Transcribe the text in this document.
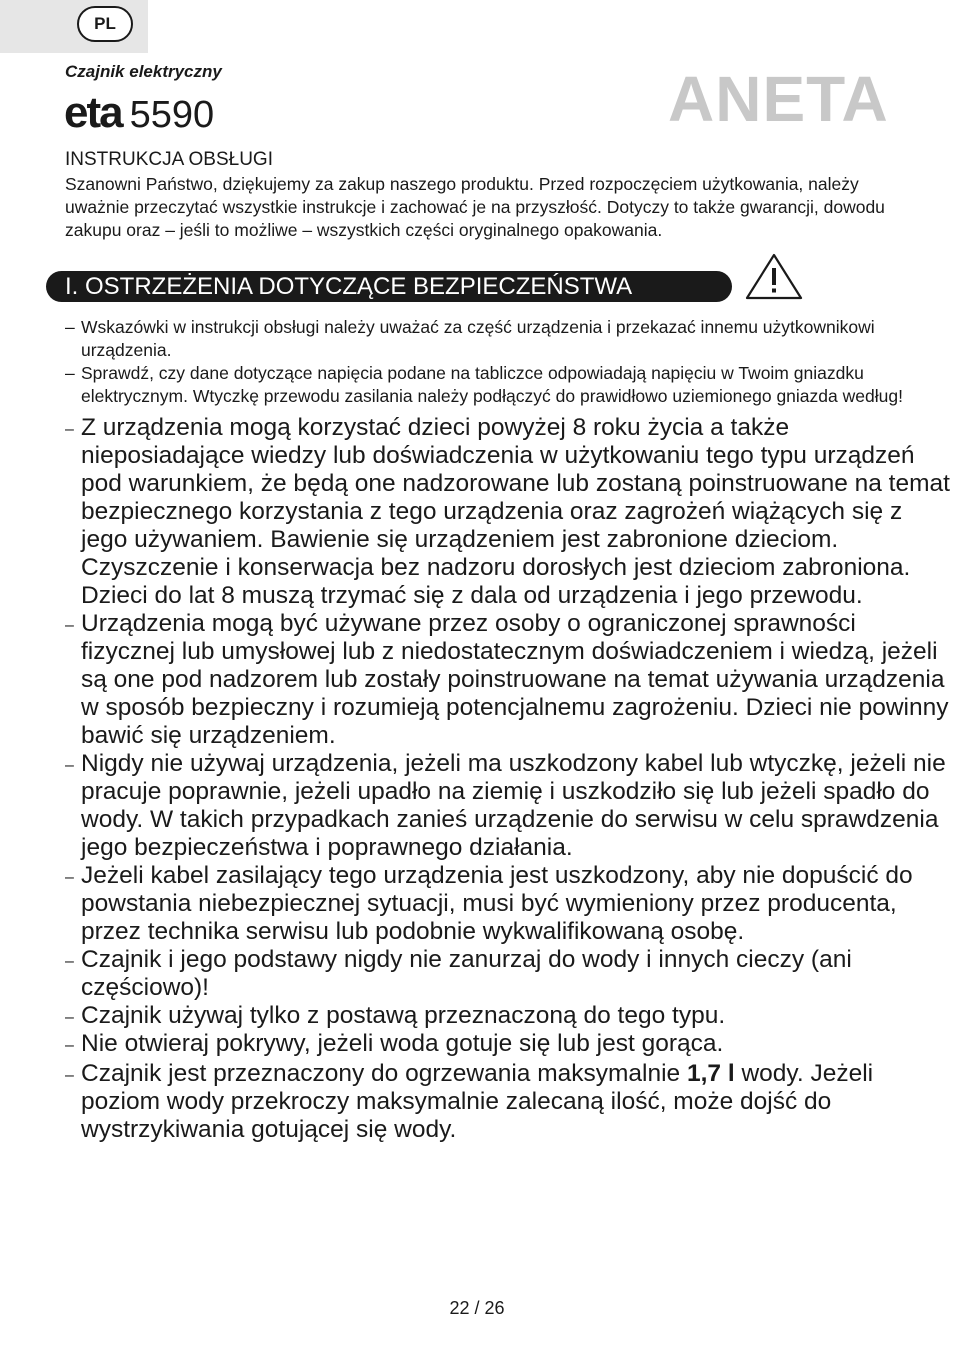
PL
Czajnik elektryczny
eta 5590	ANETA
INSTRUKCJA OBSŁUGI
Szanowni Państwo, dziękujemy za zakup naszego produktu. Przed rozpoczęciem użytkowania, należy uważnie przeczytać wszystkie instrukcje i zachować je na przyszłość. Dotyczy to także gwarancji, dowodu zakupu oraz – jeśli to możliwe – wszystkich części oryginalnego opakowania.
I. OSTRZEŻENIA DOTYCZĄCE BEZPIECZEŃSTWA
– Wskazówki w instrukcji obsługi należy uważać za część urządzenia i przekazać innemu użytkownikowi urządzenia.
– Sprawdź, czy dane dotyczące napięcia podane na tabliczce odpowiadają napięciu w Twoim gniazdku elektrycznym. Wtyczkę przewodu zasilania należy podłączyć do prawidłowo uziemionego gniazda według!
– Z urządzenia mogą korzystać dzieci powyżej 8 roku życia a także nieposiadające wiedzy lub doświadczenia w użytkowaniu tego typu urządzeń pod warunkiem, że będą one nadzorowane lub zostaną poinstruowane na temat bezpiecznego korzystania z tego urządzenia oraz zagrożeń wiążących się z jego używaniem. Bawienie się urządzeniem jest zabronione dzieciom. Czyszczenie i konserwacja bez nadzoru dorosłych jest dzieciom zabroniona. Dzieci do lat 8 muszą trzymać się z dala od urządzenia i jego przewodu.
– Urządzenia mogą być używane przez osoby o ograniczonej sprawności fizycznej lub umysłowej lub z niedostatecznym doświadczeniem i wiedzą, jeżeli są one pod nadzorem lub zostały poinstruowane na temat używania urządzenia w sposób bezpieczny i rozumieją potencjalnemu zagrożeniu. Dzieci nie powinny bawić się urządzeniem.
– Nigdy nie używaj urządzenia, jeżeli ma uszkodzony kabel lub wtyczkę, jeżeli nie pracuje poprawnie, jeżeli upadło na ziemię i uszkodziło się lub jeżeli spadło do wody. W takich przypadkach zanieś urządzenie do serwisu w celu sprawdzenia jego bezpieczeństwa i poprawnego działania.
– Jeżeli kabel zasilający tego urządzenia jest uszkodzony, aby nie dopuścić do powstania niebezpiecznej sytuacji, musi być wymieniony przez producenta, przez technika serwisu lub podobnie wykwalifikowaną osobę.
– Czajnik i jego podstawy nigdy nie zanurzaj do wody i innych cieczy (ani częściowo)!
– Czajnik używaj tylko z postawą przeznaczoną do tego typu.
– Nie otwieraj pokrywy, jeżeli woda gotuje się lub jest gorąca.
– Czajnik jest przeznaczony do ogrzewania maksymalnie 1,7 l wody. Jeżeli poziom wody przekroczy maksymalnie zalecaną ilość, może dojść do wystrzykiwania gotującej się wody.
22 / 26
